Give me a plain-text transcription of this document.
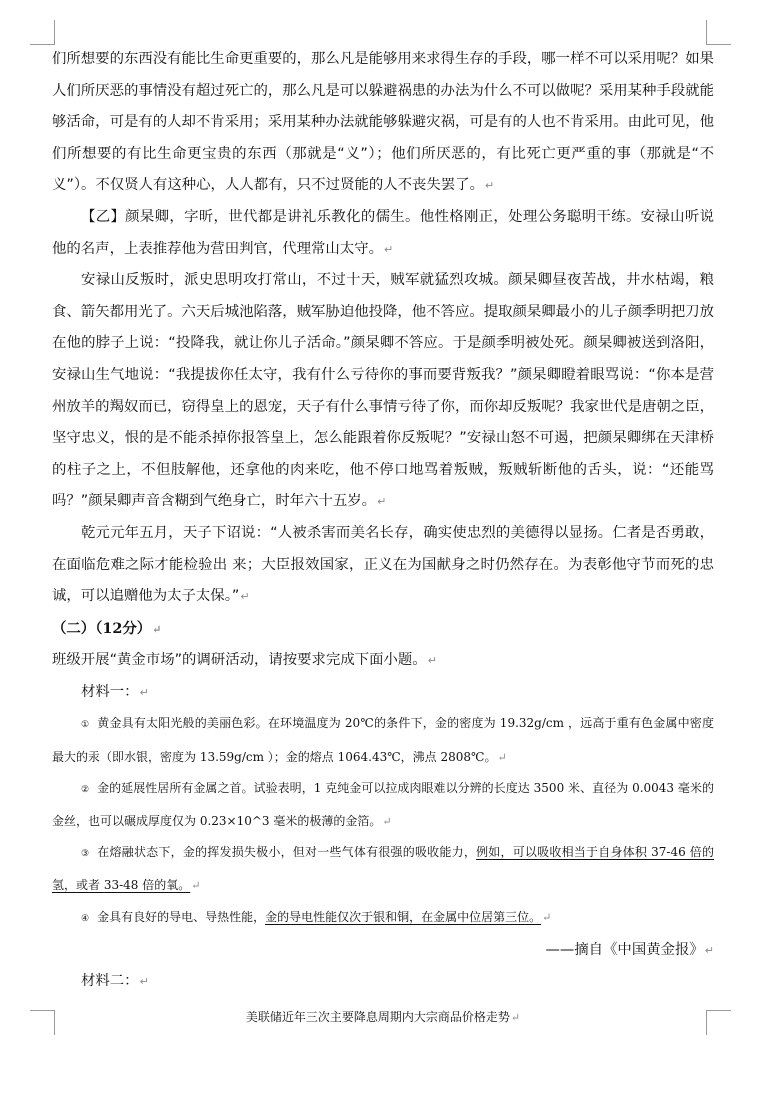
们所想要的东西没有能比生命更重要的，那么凡是能够用来求得生存的手段，哪一样不可以采用呢？如果人们所厌恶的事情没有超过死亡的，那么凡是可以躲避祸患的办法为什么不可以做呢？采用某种手段就能够活命，可是有的人却不肯采用；采用某种办法就能够躲避灾祸，可是有的人也不肯采用。由此可见，他们所想要的有比生命更宝贵的东西（那就是“义”）；他们所厌恶的，有比死亡更严重的事（那就是“不义”）。不仅贤人有这种心，人人都有，只不过贤能的人不丧失罢了。↵

【乙】颜杲卿，字昕，世代都是讲礼乐教化的儒生。他性格刚正，处理公务聪明干练。安禄山听说他的名声，上表推荐他为营田判官，代理常山太守。↵

安禄山反叛时，派史思明攻打常山，不过十天，贼军就猛烈攻城。颜杲卿昼夜苦战，井水枯竭，粮食、箭矢都用光了。六天后城池陷落，贼军胁迫他投降，他不答应。提取颜杲卿最小的儿子颜季明把刀放在他的脖子上说：“投降我，就让你儿子活命。”颜杲卿不答应。于是颜季明被处死。颜杲卿被送到洛阳，安禄山生气地说：“我提拔你任太守，我有什么亏待你的事而要背叛我？”颜杲卿瞪着眼骂说：“你本是营州放羊的羯奴而已，窃得皇上的恩宠，天子有什么事情亏待了你，而你却反叛呢？我家世代是唐朝之臣，坚守忠义，恨的是不能杀掉你报答皇上，怎么能跟着你反叛呢？”安禄山怒不可遏，把颜杲卿绑在天津桥的柱子之上，不但肢解他，还拿他的肉来吃，他不停口地骂着叛贼，叛贼斩断他的舌头，说：“还能骂吗？”颜杲卿声音含糊到气绝身亡，时年六十五岁。↵

乾元元年五月，天子下诏说：“人被杀害而美名长存，确实使忠烈的美德得以显扬。仁者是否勇敢，在面临危难之际才能检验出 来；大臣报效国家，正义在为国献身之时仍然存在。为表彰他守节而死的忠诚，可以追赠他为太子太保。”↵

（二）（12分）↵

班级开展“黄金市场”的调研活动，请按要求完成下面小题。↵

材料一：↵

① 黄金具有太阳光般的美丽色彩。在环境温度为 20℃的条件下，金的密度为 19.32g/cm ，远高于重有色金属中密度最大的汞（即水银，密度为 13.59g/cm ）；金的熔点 1064.43℃，沸点 2808℃。↵

② 金的延展性居所有金属之首。试验表明，1 克纯金可以拉成肉眼难以分辨的长度达 3500 米、直径为 0.0043 毫米的金丝，也可以碾成厚度仅为 0.23×10^3 毫米的极薄的金箔。↵

③ 在熔融状态下，金的挥发损失极小，但对一些气体有很强的吸收能力，例如，可以吸收相当于自身体积 37-46 倍的氢，或者 33-48 倍的氧。↵

④ 金具有良好的导电、导热性能，金的导电性能仅次于银和铜，在金属中位居第三位。↵

——摘自《中国黄金报》↵

材料二：↵

美联储近年三次主要降息周期内大宗商品价格走势↵
